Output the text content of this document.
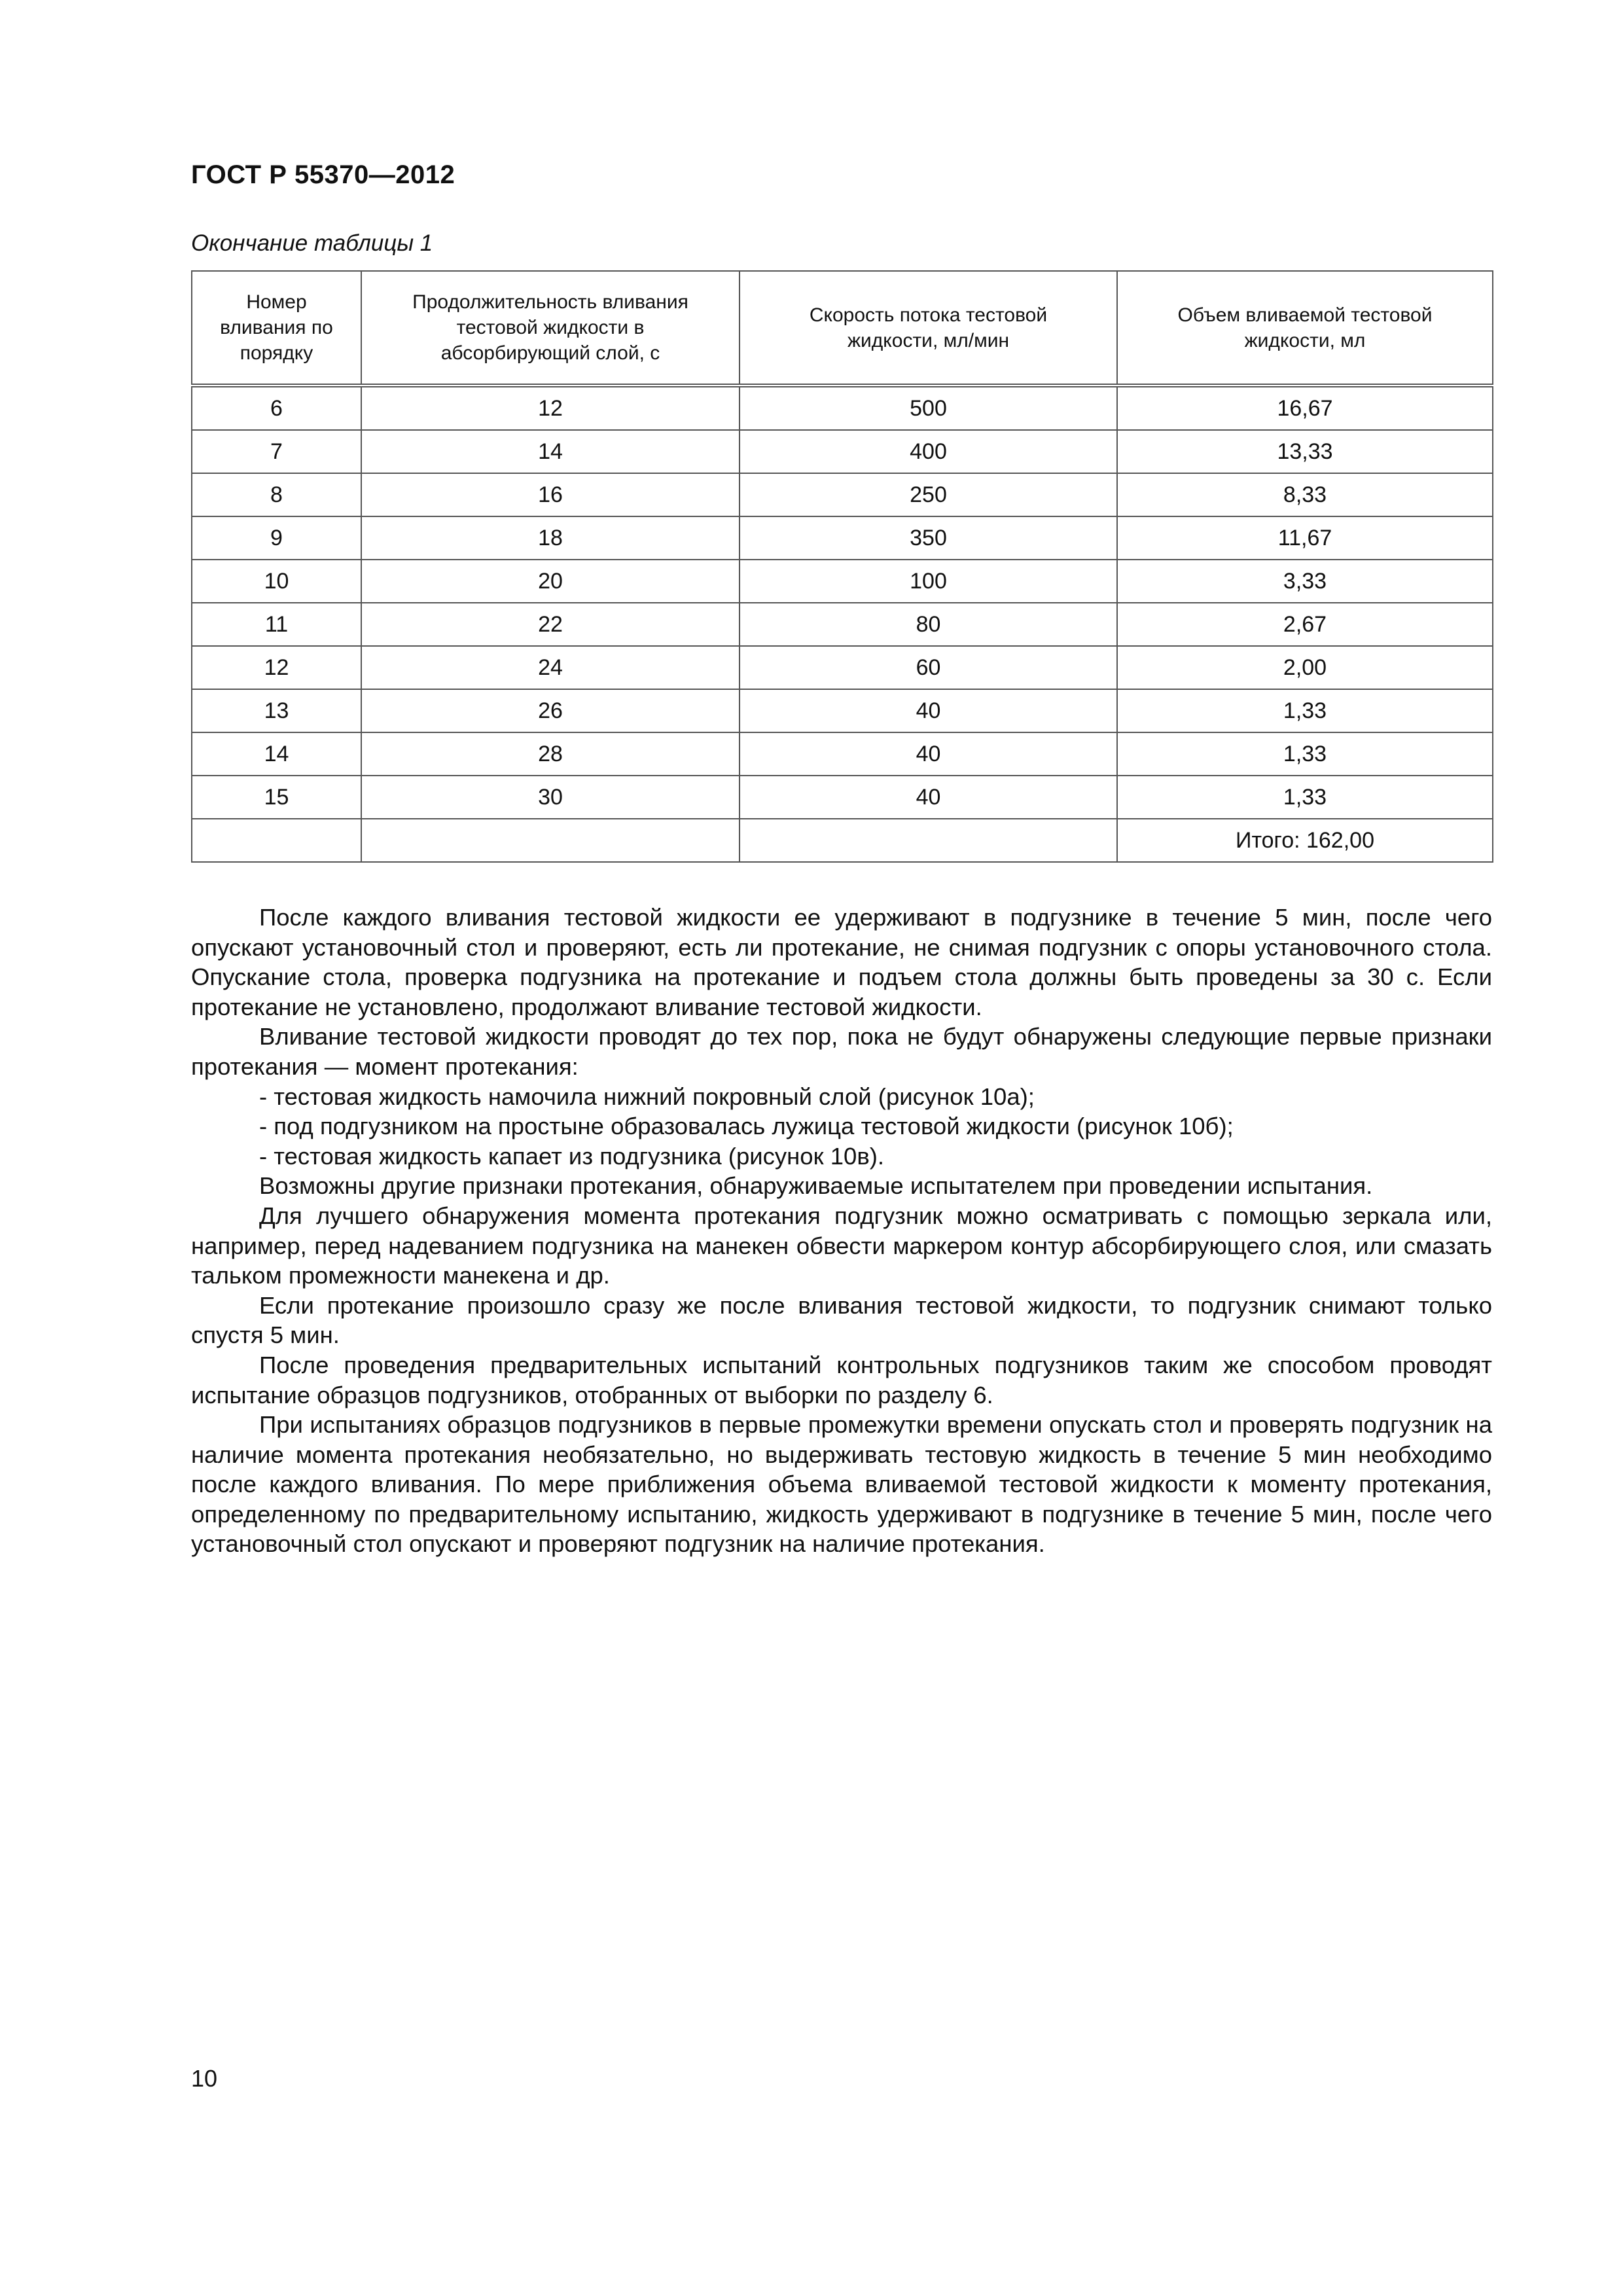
ГОСТ Р 55370—2012
Окончание таблицы 1
Номер вливания по порядку	Продолжительность вливания тестовой жидкости в абсорбирующий слой, с	Скорость потока тестовой жидкости, мл/мин	Объем вливаемой тестовой жидкости, мл
6	12	500	16,67
7	14	400	13,33
8	16	250	8,33
9	18	350	11,67
10	20	100	3,33
11	22	80	2,67
12	24	60	2,00
13	26	40	1,33
14	28	40	1,33
15	30	40	1,33
			Итого: 162,00

После каждого вливания тестовой жидкости ее удерживают в подгузнике в течение 5 мин, после чего опускают установочный стол и проверяют, есть ли протекание, не снимая подгузник с опоры установочного стола. Опускание стола, проверка подгузника на протекание и подъем стола должны быть проведены за 30 с. Если протекание не установлено, продолжают вливание тестовой жидкости.

Вливание тестовой жидкости проводят до тех пор, пока не будут обнаружены следующие первые признаки протекания — момент протекания:

- тестовая жидкость намочила нижний покровный слой (рисунок 10а);

- под подгузником на простыне образовалась лужица тестовой жидкости (рисунок 10б);

- тестовая жидкость капает из подгузника (рисунок 10в).

Возможны другие признаки протекания, обнаруживаемые испытателем при проведении испытания.

Для лучшего обнаружения момента протекания подгузник можно осматривать с помощью зеркала или, например, перед надеванием подгузника на манекен обвести маркером контур абсорбирующего слоя, или смазать тальком промежности манекена и др.

Если протекание произошло сразу же после вливания тестовой жидкости, то подгузник снимают только спустя 5 мин.

После проведения предварительных испытаний контрольных подгузников таким же способом проводят испытание образцов подгузников, отобранных от выборки по разделу 6.

При испытаниях образцов подгузников в первые промежутки времени опускать стол и проверять подгузник на наличие момента протекания необязательно, но выдерживать тестовую жидкость в течение 5 мин необходимо после каждого вливания. По мере приближения объема вливаемой тестовой жидкости к моменту протекания, определенному по предварительному испытанию, жидкость удерживают в подгузнике в течение 5 мин, после чего установочный стол опускают и проверяют подгузник на наличие протекания.

10
